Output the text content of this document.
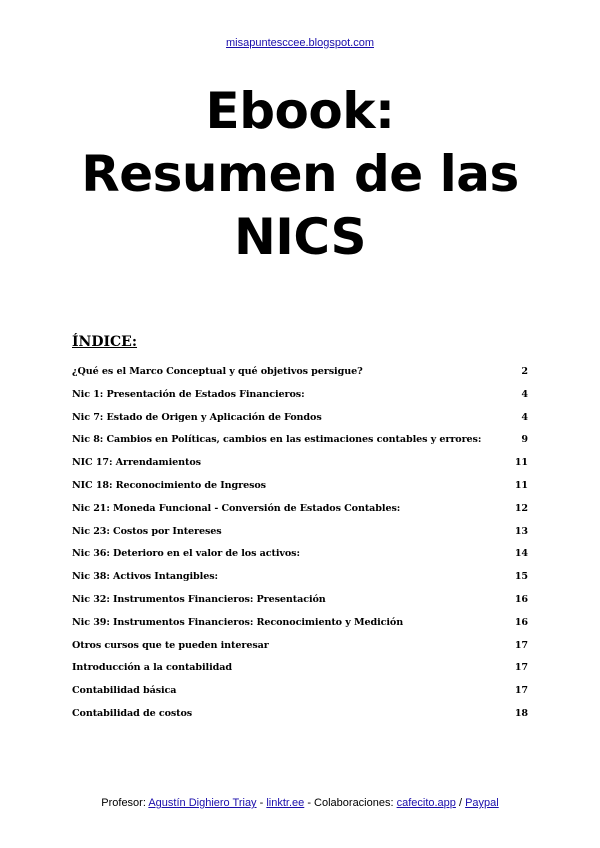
misapuntesccee.blogspot.com
Ebook:
Resumen de las
NICS
ÍNDICE:
¿Qué es el Marco Conceptual y qué objetivos persigue?	2
Nic 1: Presentación de Estados Financieros:	4
Nic 7: Estado de Origen y Aplicación de Fondos	4
Nic 8: Cambios en Políticas, cambios en las estimaciones contables y errores:	9
NIC 17: Arrendamientos	11
NIC 18: Reconocimiento de Ingresos	11
Nic 21: Moneda Funcional - Conversión de Estados Contables:	12
Nic 23: Costos por Intereses	13
Nic 36: Deterioro en el valor de los activos:	14
Nic 38: Activos Intangibles:	15
Nic 32: Instrumentos Financieros: Presentación	16
Nic 39: Instrumentos Financieros: Reconocimiento y Medición	16
Otros cursos que te pueden interesar	17
Introducción a la contabilidad	17
Contabilidad básica	17
Contabilidad de costos	18
Profesor: Agustín Dighiero Triay - linktr.ee - Colaboraciones: cafecito.app / Paypal
